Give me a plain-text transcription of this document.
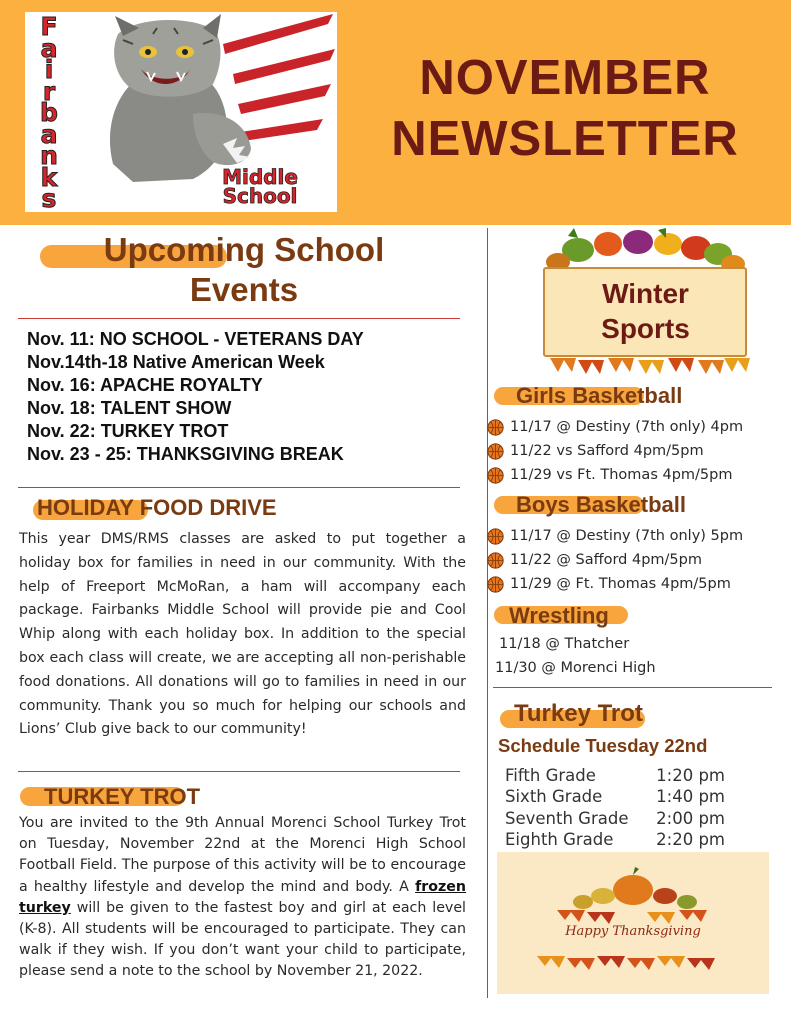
F
a
i
r
b
a
n
k
s
Middle
School
NOVEMBER
NEWSLETTER
Upcoming School
Events
Nov. 11: NO SCHOOL - VETERANS DAY
Nov.14th-18 Native American Week
Nov. 16: APACHE ROYALTY
Nov. 18: TALENT SHOW
Nov. 22: TURKEY TROT
Nov. 23 - 25: THANKSGIVING BREAK
HOLIDAY FOOD DRIVE
This year DMS/RMS classes are asked to put together a holiday box for families in need in our community. With the help of Freeport McMoRan, a ham will accompany each package. Fairbanks Middle School will provide pie and Cool Whip along with each holiday box. In addition to the special box each class will create, we are accepting all non-perishable food donations. All donations will go to families in need in our community. Thank you so much for helping our schools and Lions’ Club give back to our community!
TURKEY TROT
You are invited to the 9th Annual Morenci School Turkey Trot on Tuesday, November 22nd at the Morenci High School Football Field. The purpose of this activity will be to encourage a healthy lifestyle and develop the mind and body. A frozen turkey will be given to the fastest boy and girl at each level (K-8). All students will be encouraged to participate. They can walk if they wish. If you don’t want your child to participate, please send a note to the school by November 21, 2022.
Winter
Sports
Girls Basketball
11/17 @ Destiny (7th only) 4pm
11/22 vs Safford 4pm/5pm
11/29 vs Ft. Thomas 4pm/5pm
Boys Basketball
11/17 @ Destiny (7th only) 5pm
11/22 @ Safford 4pm/5pm
11/29 @ Ft. Thomas 4pm/5pm
Wrestling
11/18 @ Thatcher
11/30 @ Morenci High
Turkey Trot
Schedule Tuesday 22nd
Fifth Grade	1:20 pm
Sixth Grade	1:40 pm
Seventh Grade 2:00 pm
Eighth Grade	2:20 pm
Happy Thanksgiving
